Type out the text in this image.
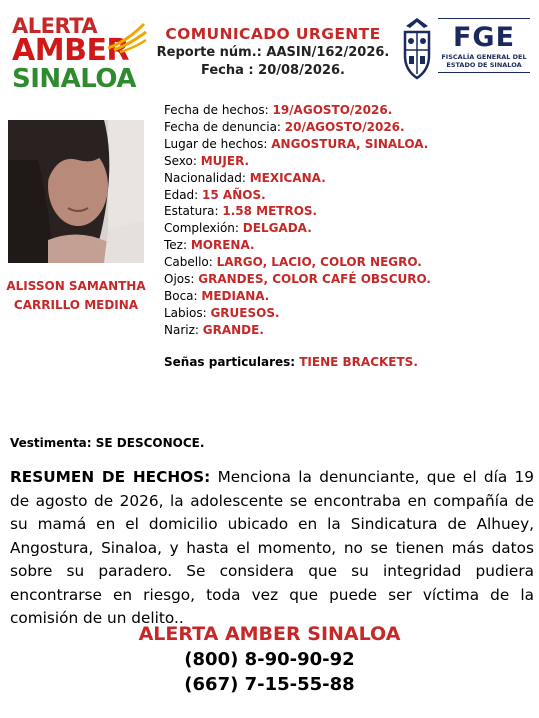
ALERTA
AMBER
SINALOA
COMUNICADO URGENTE
Reporte núm.: AASIN/162/2026.
Fecha : 20/08/2026.
FGE
FISCALÍA GENERAL DEL
ESTADO DE SINALOA
ALISSON SAMANTHA
CARRILLO MEDINA
Fecha de hechos: 19/AGOSTO/2026.
Fecha de denuncia: 20/AGOSTO/2026.
Lugar de hechos: ANGOSTURA, SINALOA.
Sexo: MUJER.
Nacionalidad: MEXICANA.
Edad: 15 AÑOS.
Estatura: 1.58 METROS.
Complexión: DELGADA.
Tez: MORENA.
Cabello: LARGO, LACIO, COLOR NEGRO.
Ojos: GRANDES, COLOR CAFÉ OBSCURO.
Boca: MEDIANA.
Labios: GRUESOS.
Nariz: GRANDE.
Señas particulares: TIENE BRACKETS.
Vestimenta: SE DESCONOCE.
RESUMEN DE HECHOS: Menciona la denunciante, que el día 19 de agosto de 2026, la adolescente se encontraba en compañía de su mamá en el domicilio ubicado en la Sindicatura de Alhuey, Angostura, Sinaloa, y hasta el momento, no se tienen más datos sobre su paradero. Se considera que su integridad pudiera encontrarse en riesgo, toda vez que puede ser víctima de la comisión de un delito..
ALERTA AMBER SINALOA
(800) 8-90-90-92
(667) 7-15-55-88
